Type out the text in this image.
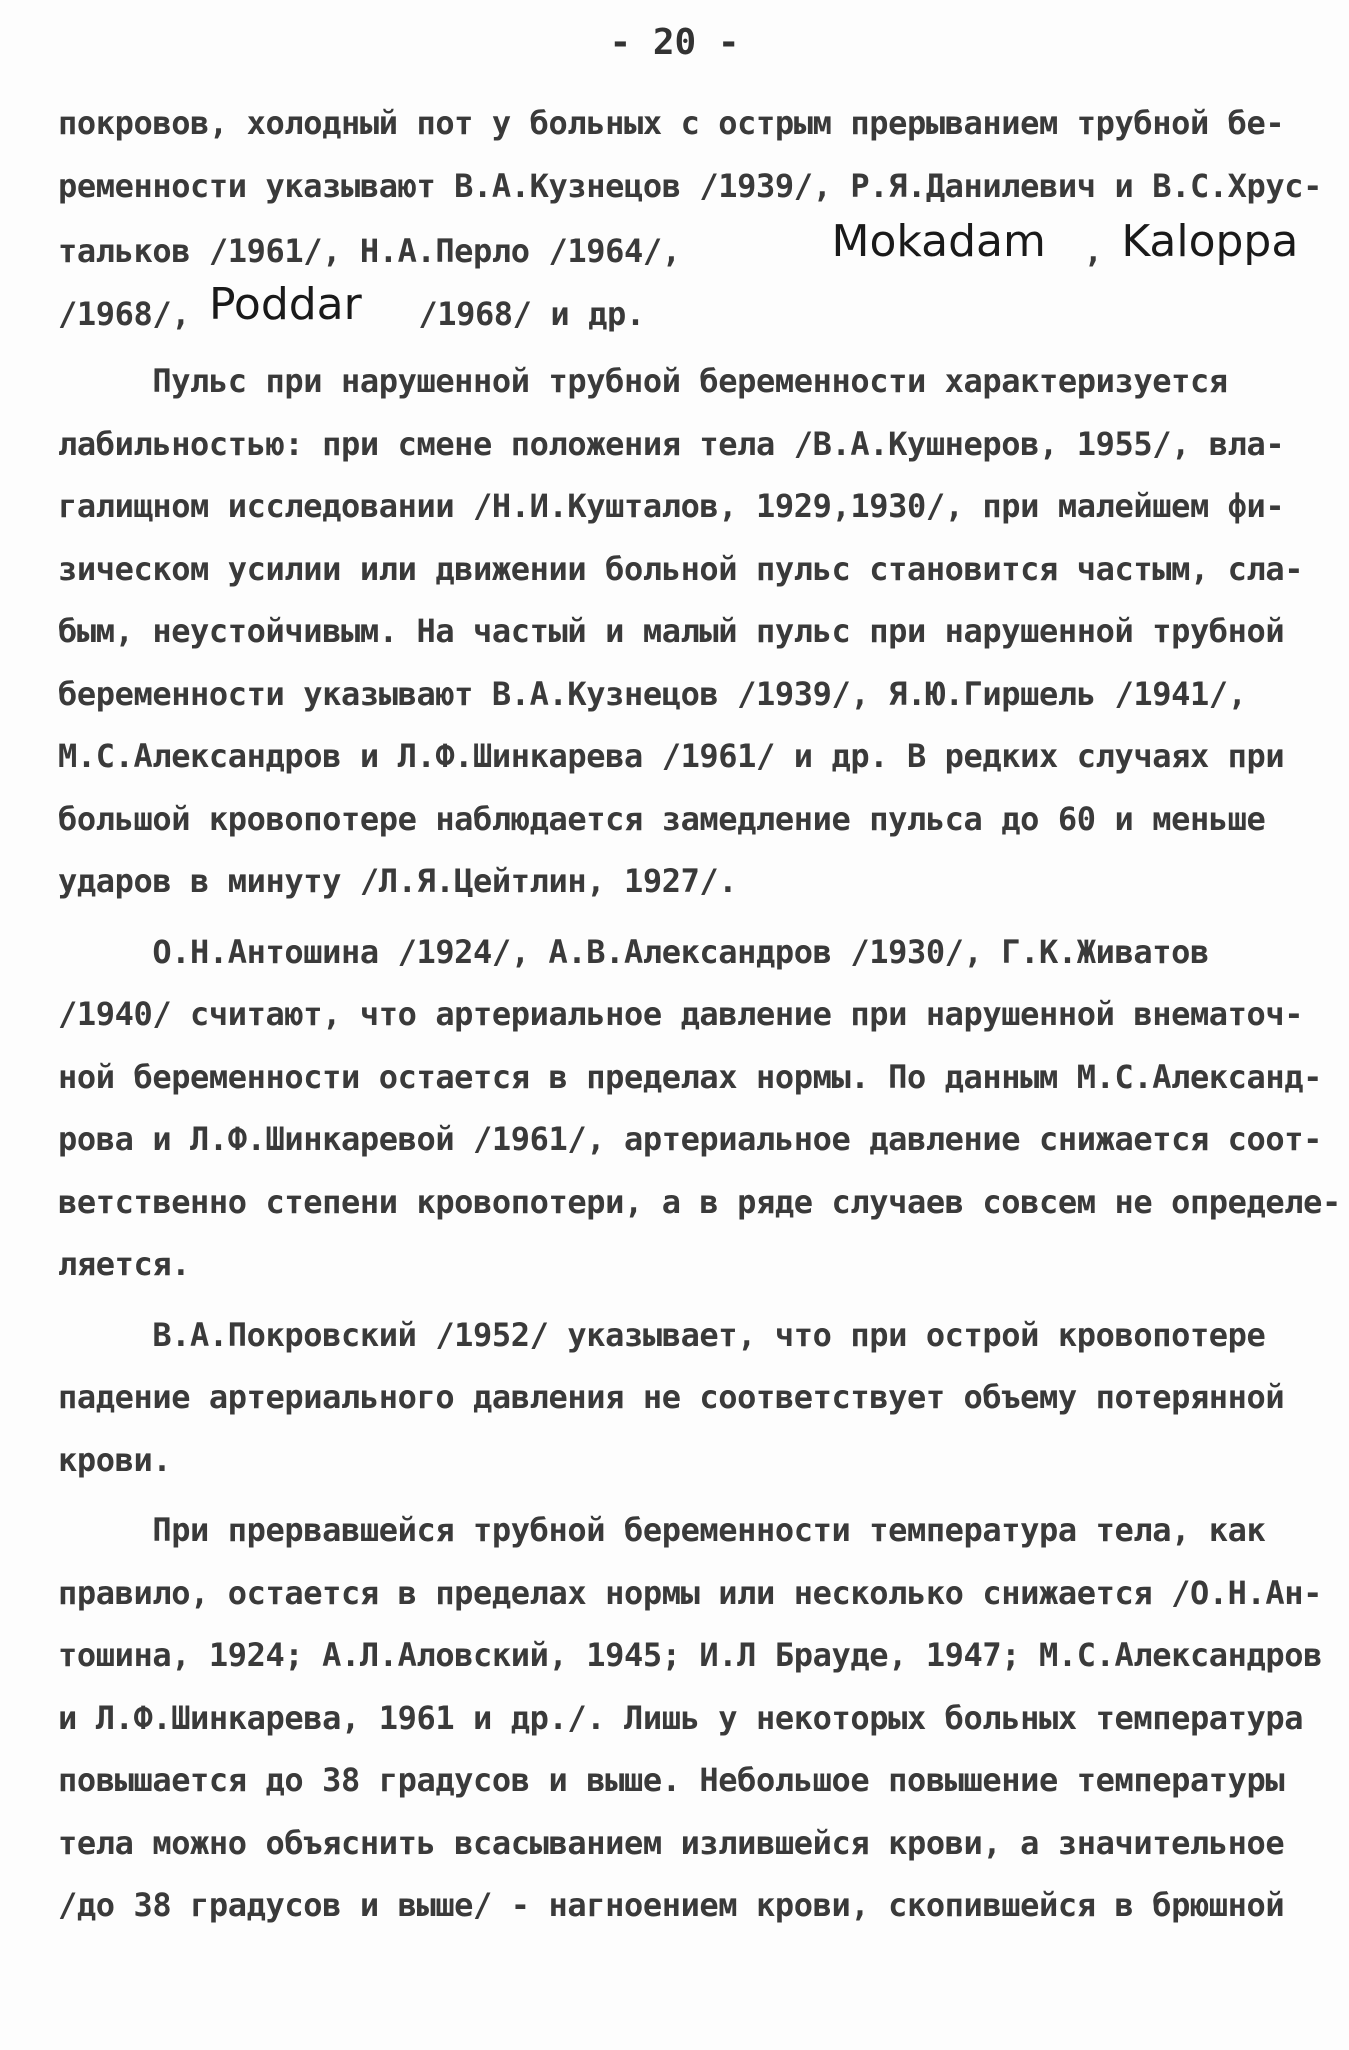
- 20 -
покровов, холодный пот у больных с острым прерыванием трубной бе-
ременности указывают В.А.Кузнецов /1939/, Р.Я.Данилевич и В.С.Хрус-
тальков /1961/, Н.А.Перло /1964/,	Mokadam , Kaloppa
/1968/, Poddar /1968/ и др.
Пульс при нарушенной трубной беременности характеризуется
лабильностью: при смене положения тела /В.А.Кушнеров, 1955/, вла-
галищном исследовании /Н.И.Кушталов, 1929,1930/, при малейшем фи-
зическом усилии или движении больной пульс становится частым, сла-
бым, неустойчивым. На частый и малый пульс при нарушенной трубной
беременности указывают В.А.Кузнецов /1939/, Я.Ю.Гиршель /1941/,
М.С.Александров и Л.Ф.Шинкарева /1961/ и др. В редких случаях при
большой кровопотере наблюдается замедление пульса до 60 и меньше
ударов в минуту /Л.Я.Цейтлин, 1927/.
О.Н.Антошина /1924/, А.В.Александров /1930/, Г.К.Живатов
/1940/ считают, что артериальное давление при нарушенной внематоч-
ной беременности остается в пределах нормы. По данным М.С.Александ-
рова и Л.Ф.Шинкаревой /1961/, артериальное давление снижается соот-
ветственно степени кровопотери, а в ряде случаев совсем не определе-
ляется.
В.А.Покровский /1952/ указывает, что при острой кровопотере
падение артериального давления не соответствует объему потерянной
крови.
При прервавшейся трубной беременности температура тела, как
правило, остается в пределах нормы или несколько снижается /О.Н.Ан-
тошина, 1924; А.Л.Аловский, 1945; И.Л Брауде, 1947; М.С.Александров
и Л.Ф.Шинкарева, 1961 и др./. Лишь у некоторых больных температура
повышается до 38 градусов и выше. Небольшое повышение температуры
тела можно объяснить всасыванием излившейся крови, а значительное
/до 38 градусов и выше/ - нагноением крови, скопившейся в брюшной
